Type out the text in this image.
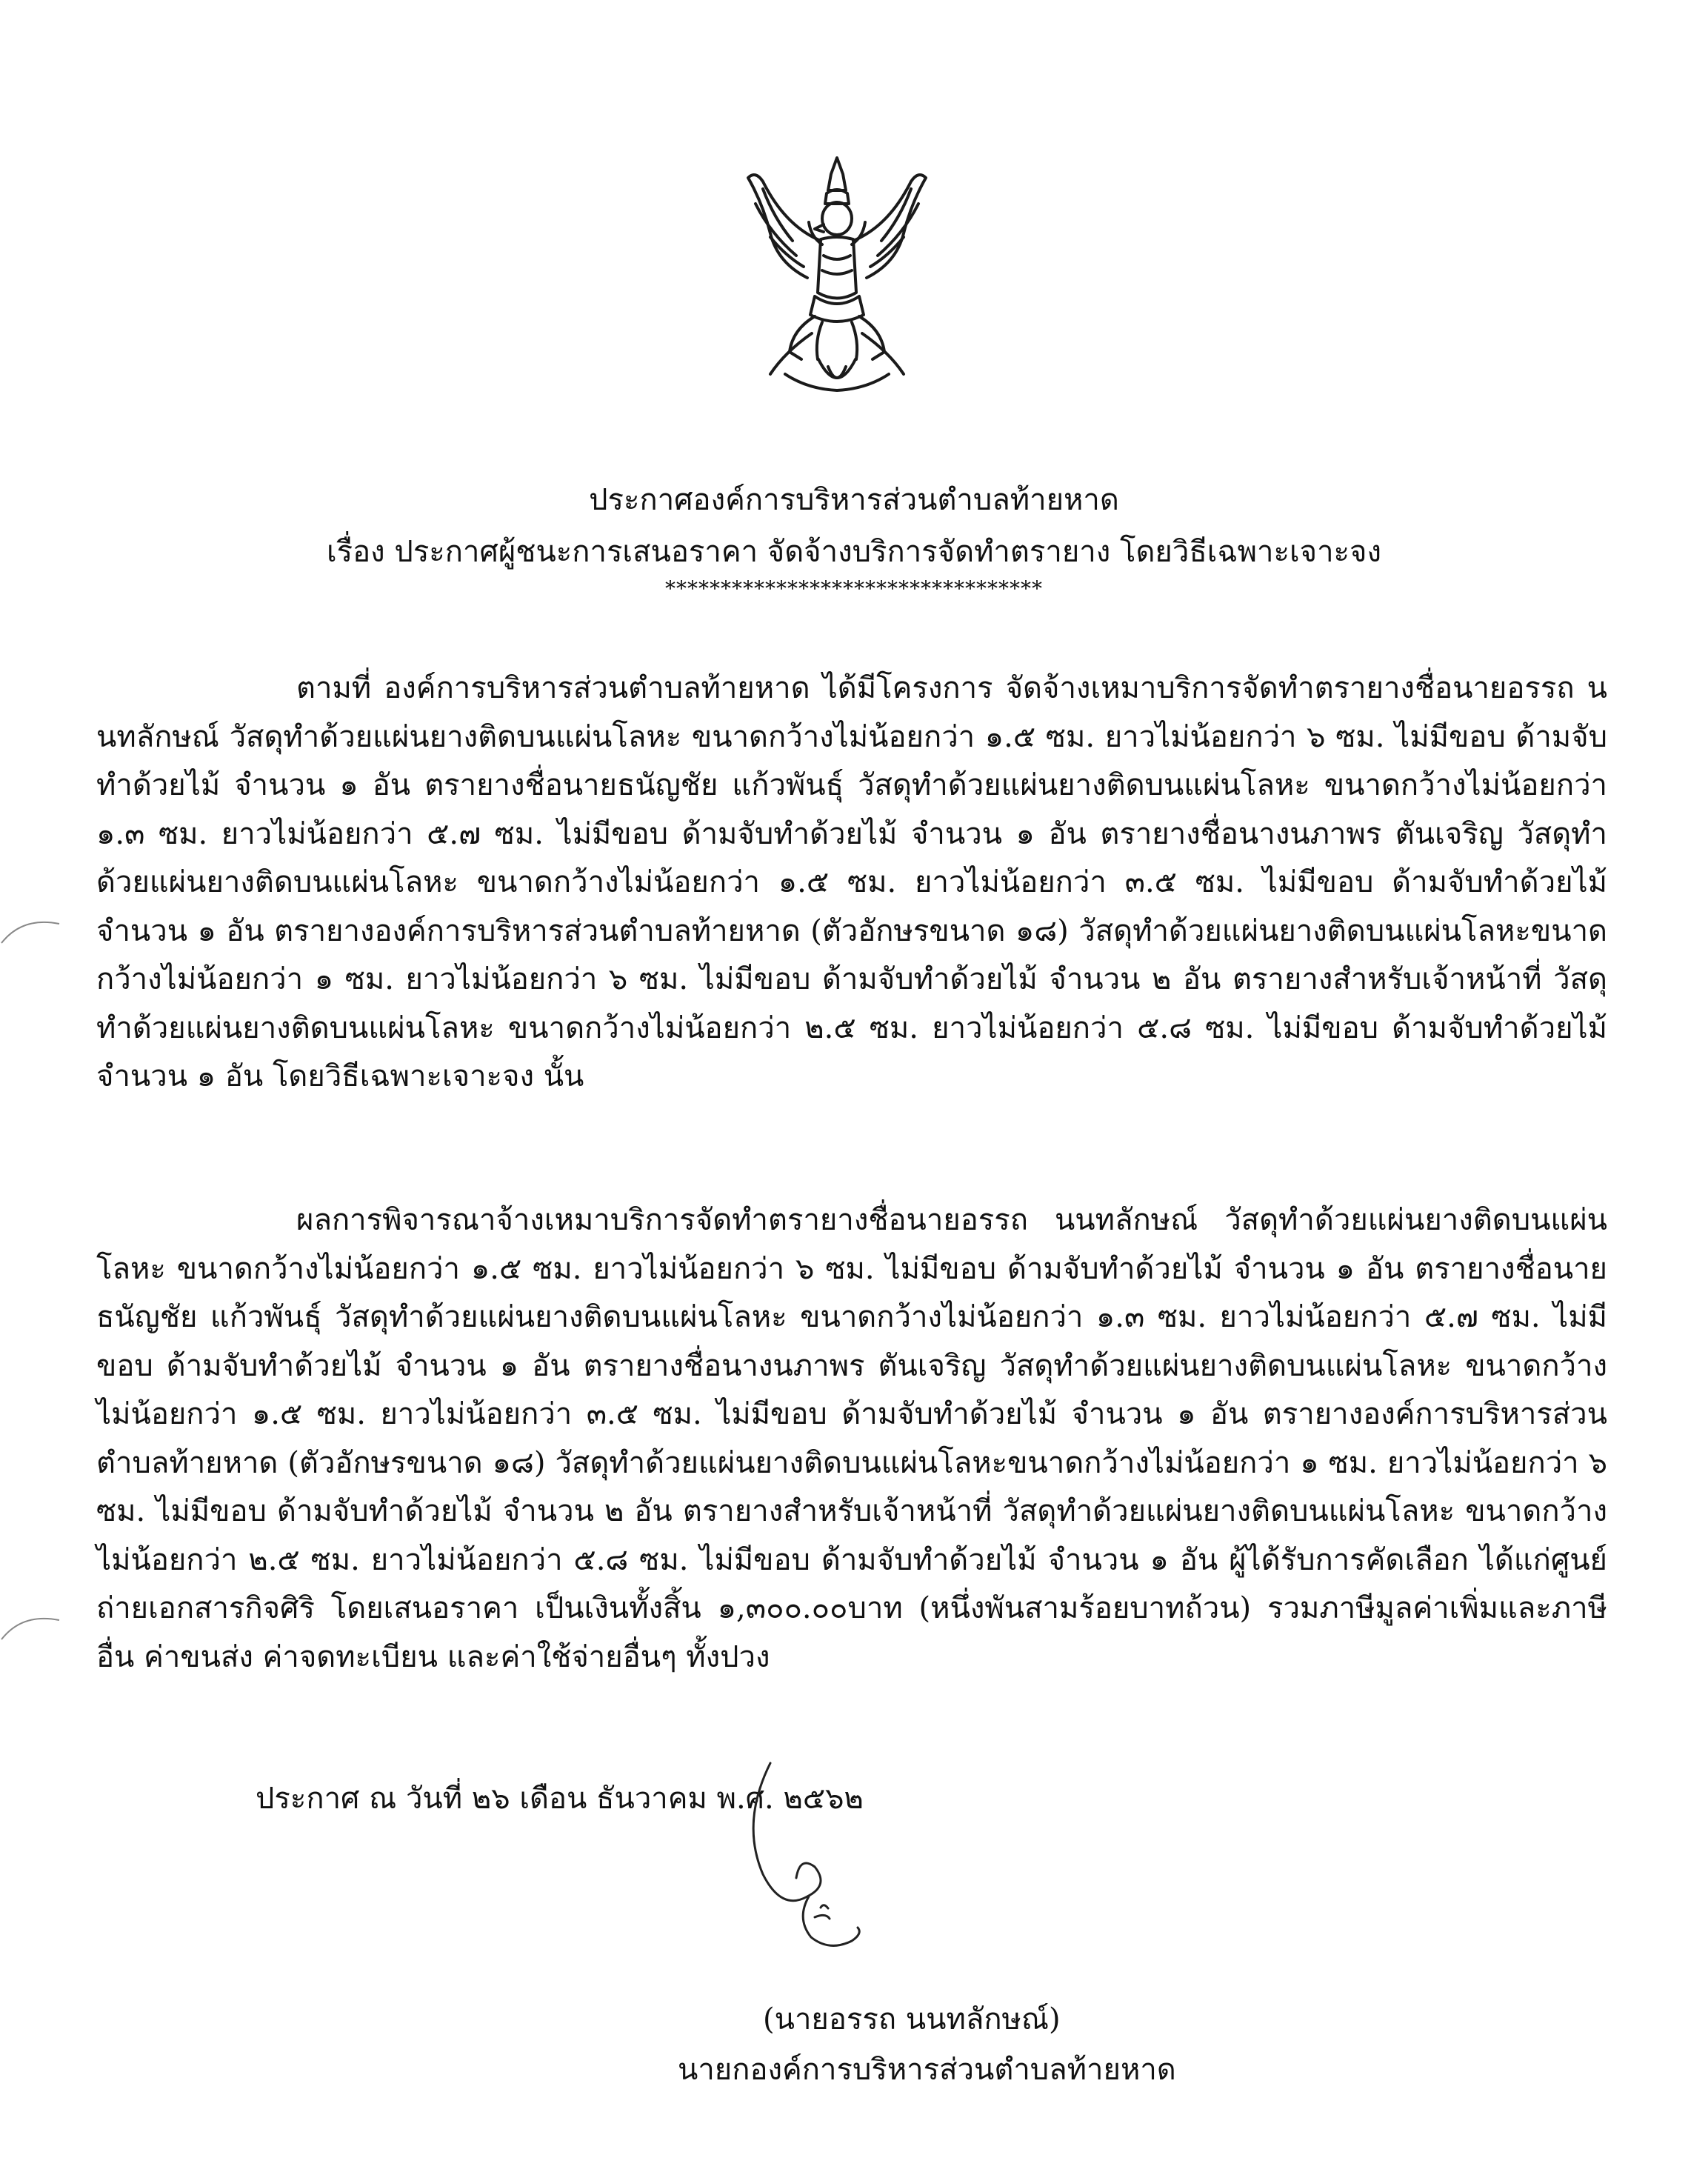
ประกาศองค์การบริหารส่วนตำบลท้ายหาด
เรื่อง ประกาศผู้ชนะการเสนอราคา จัดจ้างบริการจัดทำตรายาง โดยวิธีเฉพาะเจาะจง
**********************************

ตามที่ องค์การบริหารส่วนตำบลท้ายหาด ได้มีโครงการ จัดจ้างเหมาบริการจัดทำตรายางชื่อนายอรรถ นนทลักษณ์ วัสดุทำด้วยแผ่นยางติดบนแผ่นโลหะ ขนาดกว้างไม่น้อยกว่า ๑.๕ ซม. ยาวไม่น้อยกว่า ๖ ซม. ไม่มีขอบ ด้ามจับทำด้วยไม้ จำนวน ๑ อัน ตรายางชื่อนายธนัญชัย แก้วพันธุ์ วัสดุทำด้วยแผ่นยางติดบนแผ่นโลหะ ขนาดกว้างไม่น้อยกว่า ๑.๓ ซม. ยาวไม่น้อยกว่า ๕.๗ ซม. ไม่มีขอบ ด้ามจับทำด้วยไม้ จำนวน ๑ อัน ตรายางชื่อนางนภาพร ตันเจริญ วัสดุทำด้วยแผ่นยางติดบนแผ่นโลหะ ขนาดกว้างไม่น้อยกว่า ๑.๕ ซม. ยาวไม่น้อยกว่า ๓.๕ ซม. ไม่มีขอบ ด้ามจับทำด้วยไม้ จำนวน ๑ อัน ตรายางองค์การบริหารส่วนตำบลท้ายหาด (ตัวอักษรขนาด ๑๘) วัสดุทำด้วยแผ่นยางติดบนแผ่นโลหะขนาดกว้างไม่น้อยกว่า ๑ ซม. ยาวไม่น้อยกว่า ๖ ซม. ไม่มีขอบ ด้ามจับทำด้วยไม้ จำนวน ๒ อัน ตรายางสำหรับเจ้าหน้าที่ วัสดุทำด้วยแผ่นยางติดบนแผ่นโลหะ ขนาดกว้างไม่น้อยกว่า ๒.๕ ซม. ยาวไม่น้อยกว่า ๕.๘ ซม. ไม่มีขอบ ด้ามจับทำด้วยไม้ จำนวน ๑ อัน โดยวิธีเฉพาะเจาะจง นั้น

ผลการพิจารณาจ้างเหมาบริการจัดทำตรายางชื่อนายอรรถ นนทลักษณ์ วัสดุทำด้วยแผ่นยางติดบนแผ่นโลหะ ขนาดกว้างไม่น้อยกว่า ๑.๕ ซม. ยาวไม่น้อยกว่า ๖ ซม. ไม่มีขอบ ด้ามจับทำด้วยไม้ จำนวน ๑ อัน ตรายางชื่อนายธนัญชัย แก้วพันธุ์ วัสดุทำด้วยแผ่นยางติดบนแผ่นโลหะ ขนาดกว้างไม่น้อยกว่า ๑.๓ ซม. ยาวไม่น้อยกว่า ๕.๗ ซม. ไม่มีขอบ ด้ามจับทำด้วยไม้ จำนวน ๑ อัน ตรายางชื่อนางนภาพร ตันเจริญ วัสดุทำด้วยแผ่นยางติดบนแผ่นโลหะ ขนาดกว้างไม่น้อยกว่า ๑.๕ ซม. ยาวไม่น้อยกว่า ๓.๕ ซม. ไม่มีขอบ ด้ามจับทำด้วยไม้ จำนวน ๑ อัน ตรายางองค์การบริหารส่วนตำบลท้ายหาด (ตัวอักษรขนาด ๑๘) วัสดุทำด้วยแผ่นยางติดบนแผ่นโลหะขนาดกว้างไม่น้อยกว่า ๑ ซม. ยาวไม่น้อยกว่า ๖ ซม. ไม่มีขอบ ด้ามจับทำด้วยไม้ จำนวน ๒ อัน ตรายางสำหรับเจ้าหน้าที่ วัสดุทำด้วยแผ่นยางติดบนแผ่นโลหะ ขนาดกว้างไม่น้อยกว่า ๒.๕ ซม. ยาวไม่น้อยกว่า ๕.๘ ซม. ไม่มีขอบ ด้ามจับทำด้วยไม้ จำนวน ๑ อัน ผู้ได้รับการคัดเลือก ได้แก่ศูนย์ถ่ายเอกสารกิจศิริ โดยเสนอราคา เป็นเงินทั้งสิ้น ๑,๓๐๐.๐๐บาท (หนึ่งพันสามร้อยบาทถ้วน) รวมภาษีมูลค่าเพิ่มและภาษีอื่น ค่าขนส่ง ค่าจดทะเบียน และค่าใช้จ่ายอื่นๆ ทั้งปวง

ประกาศ ณ วันที่ ๒๖ เดือน ธันวาคม พ.ศ. ๒๕๖๒
(นายอรรถ นนทลักษณ์)
นายกองค์การบริหารส่วนตำบลท้ายหาด
